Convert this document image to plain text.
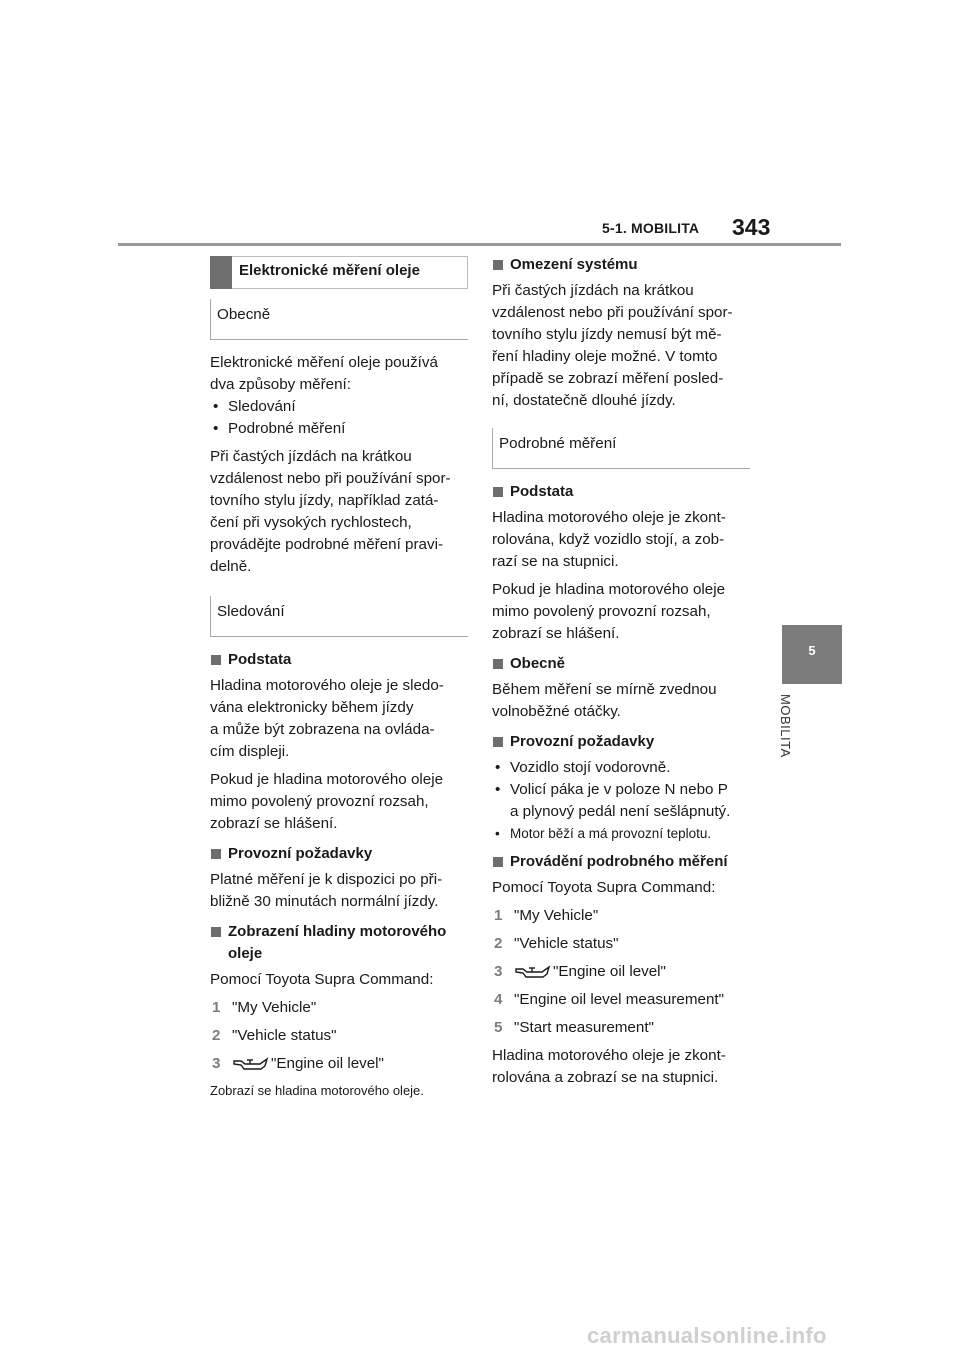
5-1. MOBILITA 343
5
MOBILITA
Elektronické měření oleje
Obecně

Elektronické měření oleje používá

dva způsoby měření:

• Sledování
• Podrobné měření

Při častých jízdách na krátkou

vzdálenost nebo při používání spor-

tovního stylu jízdy, například zatá-

čení při vysokých rychlostech,

provádějte podrobné měření pravi-

delně.

Sledování
Podstata

Hladina motorového oleje je sledo-

vána elektronicky během jízdy

a může být zobrazena na ovláda-

cím displeji.

Pokud je hladina motorového oleje

mimo povolený provozní rozsah,

zobrazí se hlášení.

Provozní požadavky

Platné měření je k dispozici po při-

bližně 30 minutách normální jízdy.

Zobrazení hladiny motorového
oleje

Pomocí Toyota Supra Command:

1 "My Vehicle"
2 "Vehicle status"
3	"Engine oil level"

Zobrazí se hladina motorového oleje.

Omezení systému

Při častých jízdách na krátkou

vzdálenost nebo při používání spor-

tovního stylu jízdy nemusí být mě-

ření hladiny oleje možné. V tomto

případě se zobrazí měření posled-

ní, dostatečně dlouhé jízdy.

Podrobné měření
Podstata

Hladina motorového oleje je zkont-

rolována, když vozidlo stojí, a zob-

razí se na stupnici.

Pokud je hladina motorového oleje

mimo povolený provozní rozsah,

zobrazí se hlášení.

Obecně

Během měření se mírně zvednou

volnoběžné otáčky.

Provozní požadavky
• Vozidlo stojí vodorovně.
• Volicí páka je v poloze N nebo P
a plynový pedál není sešlápnutý.
• Motor běží a má provozní teplotu.
Provádění podrobného měření

Pomocí Toyota Supra Command:

1 "My Vehicle"
2 "Vehicle status"
3	"Engine oil level"
4 "Engine oil level measurement"
5 "Start measurement"

Hladina motorového oleje je zkont-

rolována a zobrazí se na stupnici.

carmanualsonline.info
